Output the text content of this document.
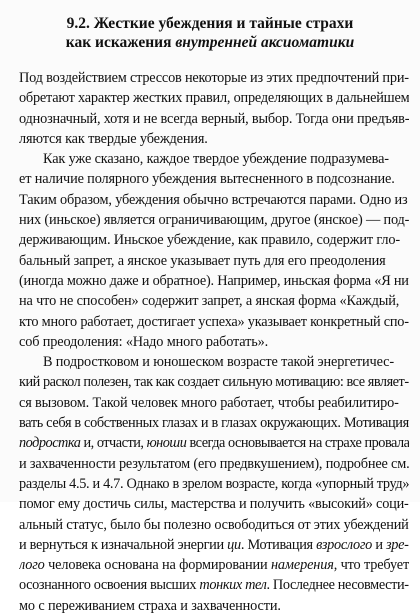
9.2. Жесткие убеждения и тайные страхи
как искажения внутренней аксиоматики
Под воздействием стрессов некоторые из этих предпочтений при-
обретают характер жестких правил, определяющих в дальнейшем
однозначный, хотя и не всегда верный, выбор. Тогда они предъяв-
ляются как твердые убеждения.
Как уже сказано, каждое твердое убеждение подразумева-
ет наличие полярного убеждения вытесненного в подсознание.
Таким образом, убеждения обычно встречаются парами. Одно из
них (иньское) является ограничивающим, другое (янское) — под-
держивающим. Иньское убеждение, как правило, содержит гло-
бальный запрет, а янское указывает путь для его преодоления
(иногда можно даже и обратное). Например, иньская форма «Я ни
на что не способен» содержит запрет, а янская форма «Каждый,
кто много работает, достигает успеха» указывает конкретный спо-
соб преодоления: «Надо много работать».
В подростковом и юношеском возрасте такой энергетичес-
кий раскол полезен, так как создает сильную мотивацию: все являет-
ся вызовом. Такой человек много работает, чтобы реабилитиро-
вать себя в собственных глазах и в глазах окружающих. Мотивация
подростка и, отчасти, юноши всегда основывается на страхе провала
и захваченности результатом (его предвкушением), подробнее см.
разделы 4.5. и 4.7. Однако в зрелом возрасте, когда «упорный труд»
помог ему достичь силы, мастерства и получить «высокий» соци-
альный статус, было бы полезно освободиться от этих убеждений
и вернуться к изначальной энергии ци. Мотивация взрослого и зре-
лого человека основана на формировании намерения, что требует
осознанного освоения высших тонких тел. Последнее несовмести-
мо с переживанием страха и захваченности.
